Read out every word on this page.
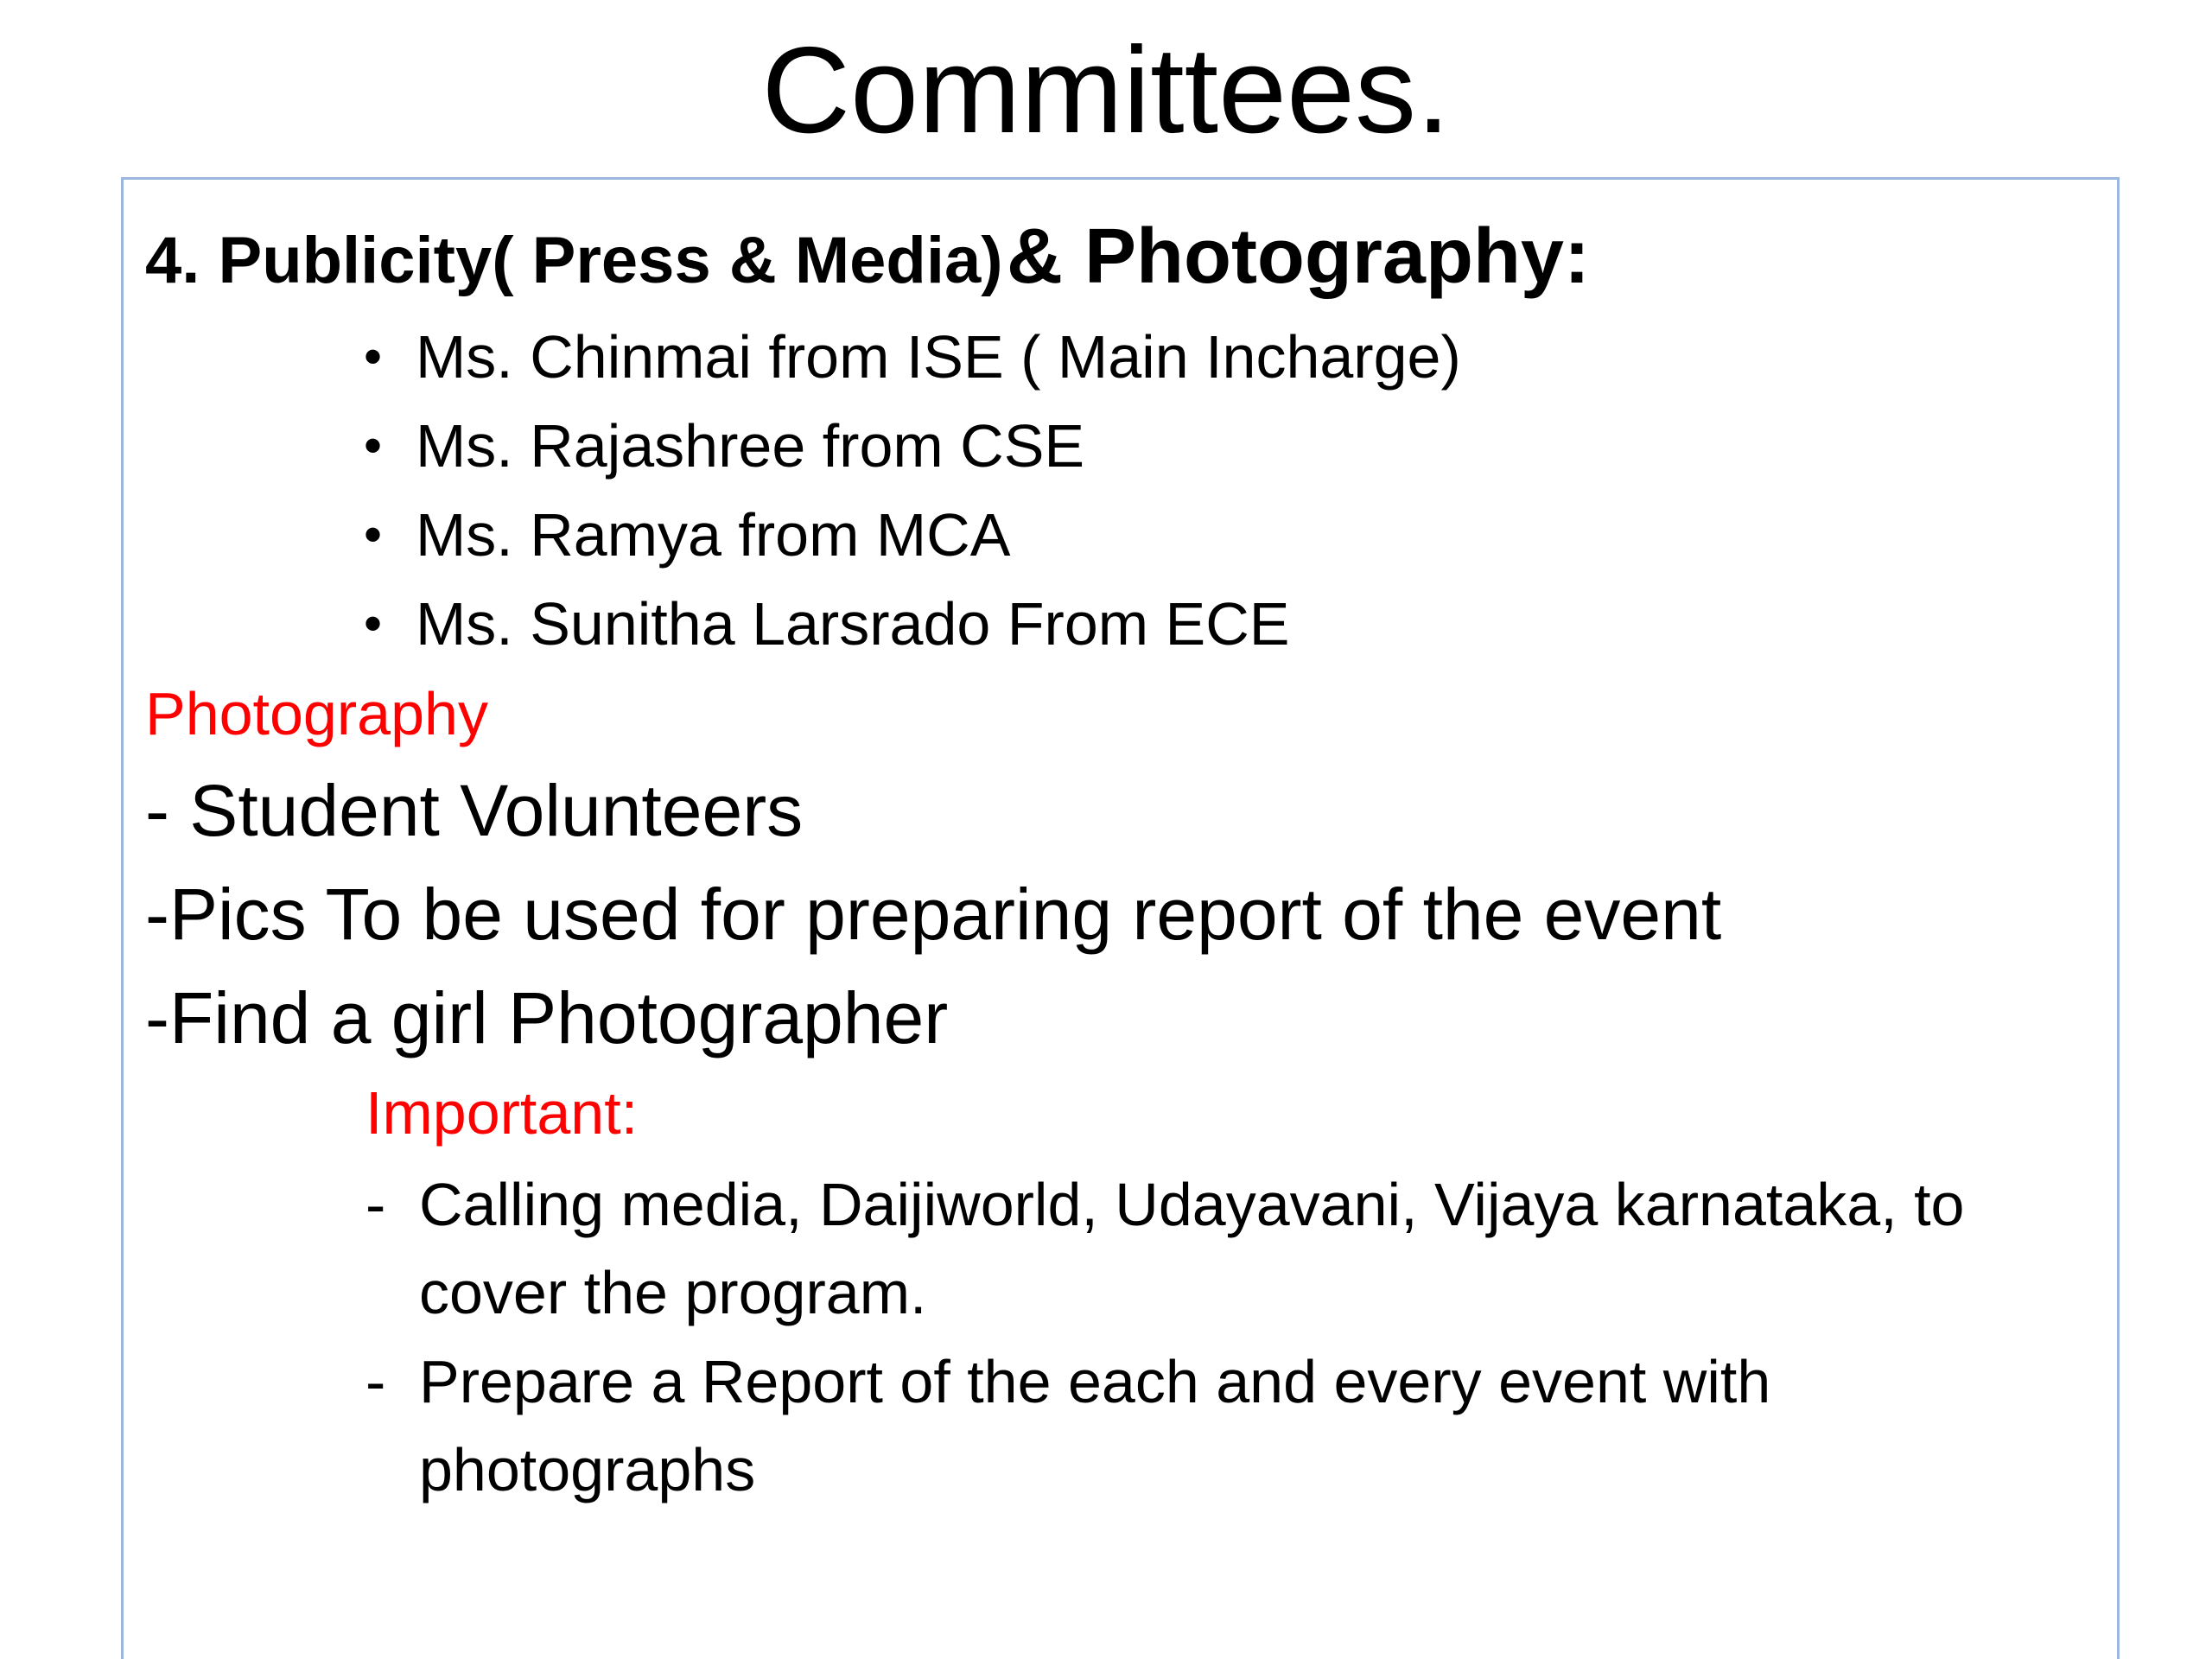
Committees.
4. Publicity( Press & Media) & Photography:
• Ms. Chinmai from ISE ( Main Incharge)
• Ms. Rajashree from CSE
• Ms. Ramya from MCA
• Ms. Sunitha Larsrado From ECE
Photography
- Student Volunteers
-Pics To be used for preparing report of the event
-Find a girl Photographer
Important:
- Calling media, Daijiworld, Udayavani, Vijaya karnataka, to cover the program.
- Prepare a Report of the each and every event with photographs
